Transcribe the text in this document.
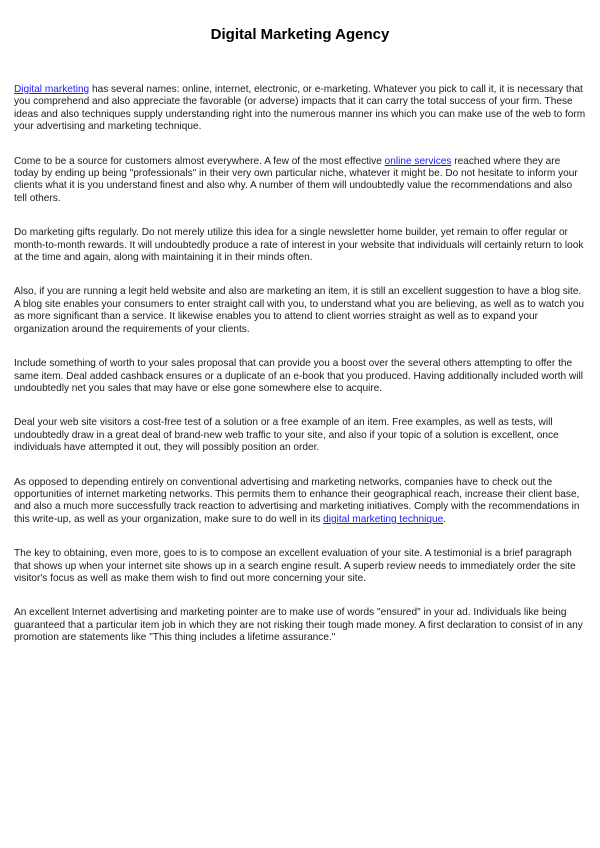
Digital Marketing Agency

Digital marketing has several names: online, internet, electronic, or e-marketing. Whatever you pick to call it, it is necessary that you comprehend and also appreciate the favorable (or adverse) impacts that it can carry the total success of your firm. These ideas and also techniques supply understanding right into the numerous manner ins which you can make use of the web to form your advertising and marketing technique.

Come to be a source for customers almost everywhere. A few of the most effective online services reached where they are today by ending up being "professionals" in their very own particular niche, whatever it might be. Do not hesitate to inform your clients what it is you understand finest and also why. A number of them will undoubtedly value the recommendations and also tell others.

Do marketing gifts regularly. Do not merely utilize this idea for a single newsletter home builder, yet remain to offer regular or month-to-month rewards. It will undoubtedly produce a rate of interest in your website that individuals will certainly return to look at the time and again, along with maintaining it in their minds often.

Also, if you are running a legit held website and also are marketing an item, it is still an excellent suggestion to have a blog site. A blog site enables your consumers to enter straight call with you, to understand what you are believing, as well as to watch you as more significant than a service. It likewise enables you to attend to client worries straight as well as to expand your organization around the requirements of your clients.

Include something of worth to your sales proposal that can provide you a boost over the several others attempting to offer the same item. Deal added cashback ensures or a duplicate of an e-book that you produced. Having additionally included worth will undoubtedly net you sales that may have or else gone somewhere else to acquire.

Deal your web site visitors a cost-free test of a solution or a free example of an item. Free examples, as well as tests, will undoubtedly draw in a great deal of brand-new web traffic to your site, and also if your topic of a solution is excellent, once individuals have attempted it out, they will possibly position an order.

As opposed to depending entirely on conventional advertising and marketing networks, companies have to check out the opportunities of internet marketing networks. This permits them to enhance their geographical reach, increase their client base, and also a much more successfully track reaction to advertising and marketing initiatives. Comply with the recommendations in this write-up, as well as your organization, make sure to do well in its digital marketing technique.

The key to obtaining, even more, goes to is to compose an excellent evaluation of your site. A testimonial is a brief paragraph that shows up when your internet site shows up in a search engine result. A superb review needs to immediately order the site visitor's focus as well as make them wish to find out more concerning your site.

An excellent Internet advertising and marketing pointer are to make use of words "ensured" in your ad. Individuals like being guaranteed that a particular item job in which they are not risking their tough made money. A first declaration to consist of in any promotion are statements like "This thing includes a lifetime assurance."
